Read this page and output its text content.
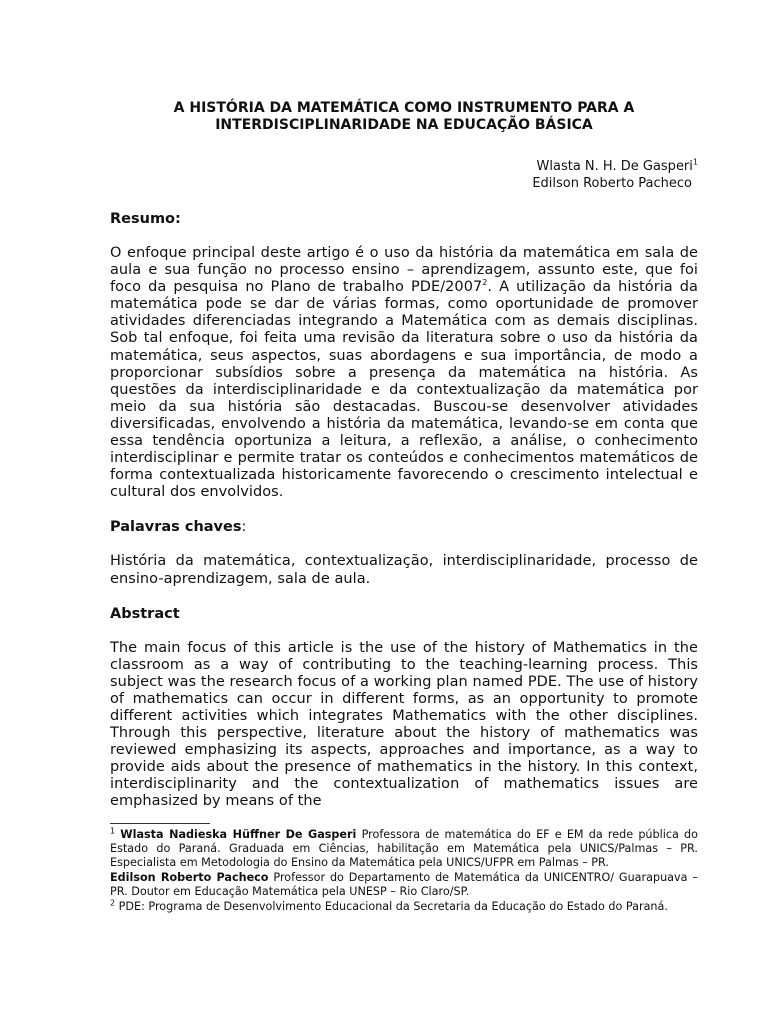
A HISTÓRIA DA MATEMÁTICA COMO INSTRUMENTO PARA A
INTERDISCIPLINARIDADE NA EDUCAÇÃO BÁSICA
Wlasta N. H. De Gasperi$^1$
Edilson Roberto Pacheco
Resumo:

O enfoque principal deste artigo é o uso da história da matemática em sala de aula e sua função no processo ensino – aprendizagem, assunto este, que foi foco da pesquisa no Plano de trabalho PDE/2007$^2$. A utilização da história da matemática pode se dar de várias formas, como oportunidade de promover atividades diferenciadas integrando a Matemática com as demais disciplinas. Sob tal enfoque, foi feita uma revisão da literatura sobre o uso da história da matemática, seus aspectos, suas abordagens e sua importância, de modo a proporcionar subsídios sobre a presença da matemática na história. As questões da interdisciplinaridade e da contextualização da matemática por meio da sua história são destacadas. Buscou-se desenvolver atividades diversificadas, envolvendo a história da matemática, levando-se em conta que essa tendência oportuniza a leitura, a reflexão, a análise, o conhecimento interdisciplinar e permite tratar os conteúdos e conhecimentos matemáticos de forma contextualizada historicamente favorecendo o crescimento intelectual e cultural dos envolvidos.

Palavras chaves:

História da matemática, contextualização, interdisciplinaridade, processo de ensino-aprendizagem, sala de aula.

Abstract

The main focus of this article is the use of the history of Mathematics in the classroom as a way of contributing to the teaching-learning process. This subject was the research focus of a working plan named PDE. The use of history of mathematics can occur in different forms, as an opportunity to promote different activities which integrates Mathematics with the other disciplines. Through this perspective, literature about the history of mathematics was reviewed emphasizing its aspects, approaches and importance, as a way to provide aids about the presence of mathematics in the history. In this context, interdisciplinarity and the contextualization of mathematics issues are emphasized by means of the

$^1$ Wlasta Nadieska Hüffner De Gasperi Professora de matemática do EF e EM da rede pública do Estado do Paraná. Graduada em Ciências, habilitação em Matemática pela UNICS/Palmas – PR. Especialista em Metodologia do Ensino da Matemática pela UNICS/UFPR em Palmas – PR.

Edilson Roberto Pacheco Professor do Departamento de Matemática da UNICENTRO/ Guarapuava – PR. Doutor em Educação Matemática pela UNESP – Rio Claro/SP.

$^2$ PDE: Programa de Desenvolvimento Educacional da Secretaria da Educação do Estado do Paraná.
